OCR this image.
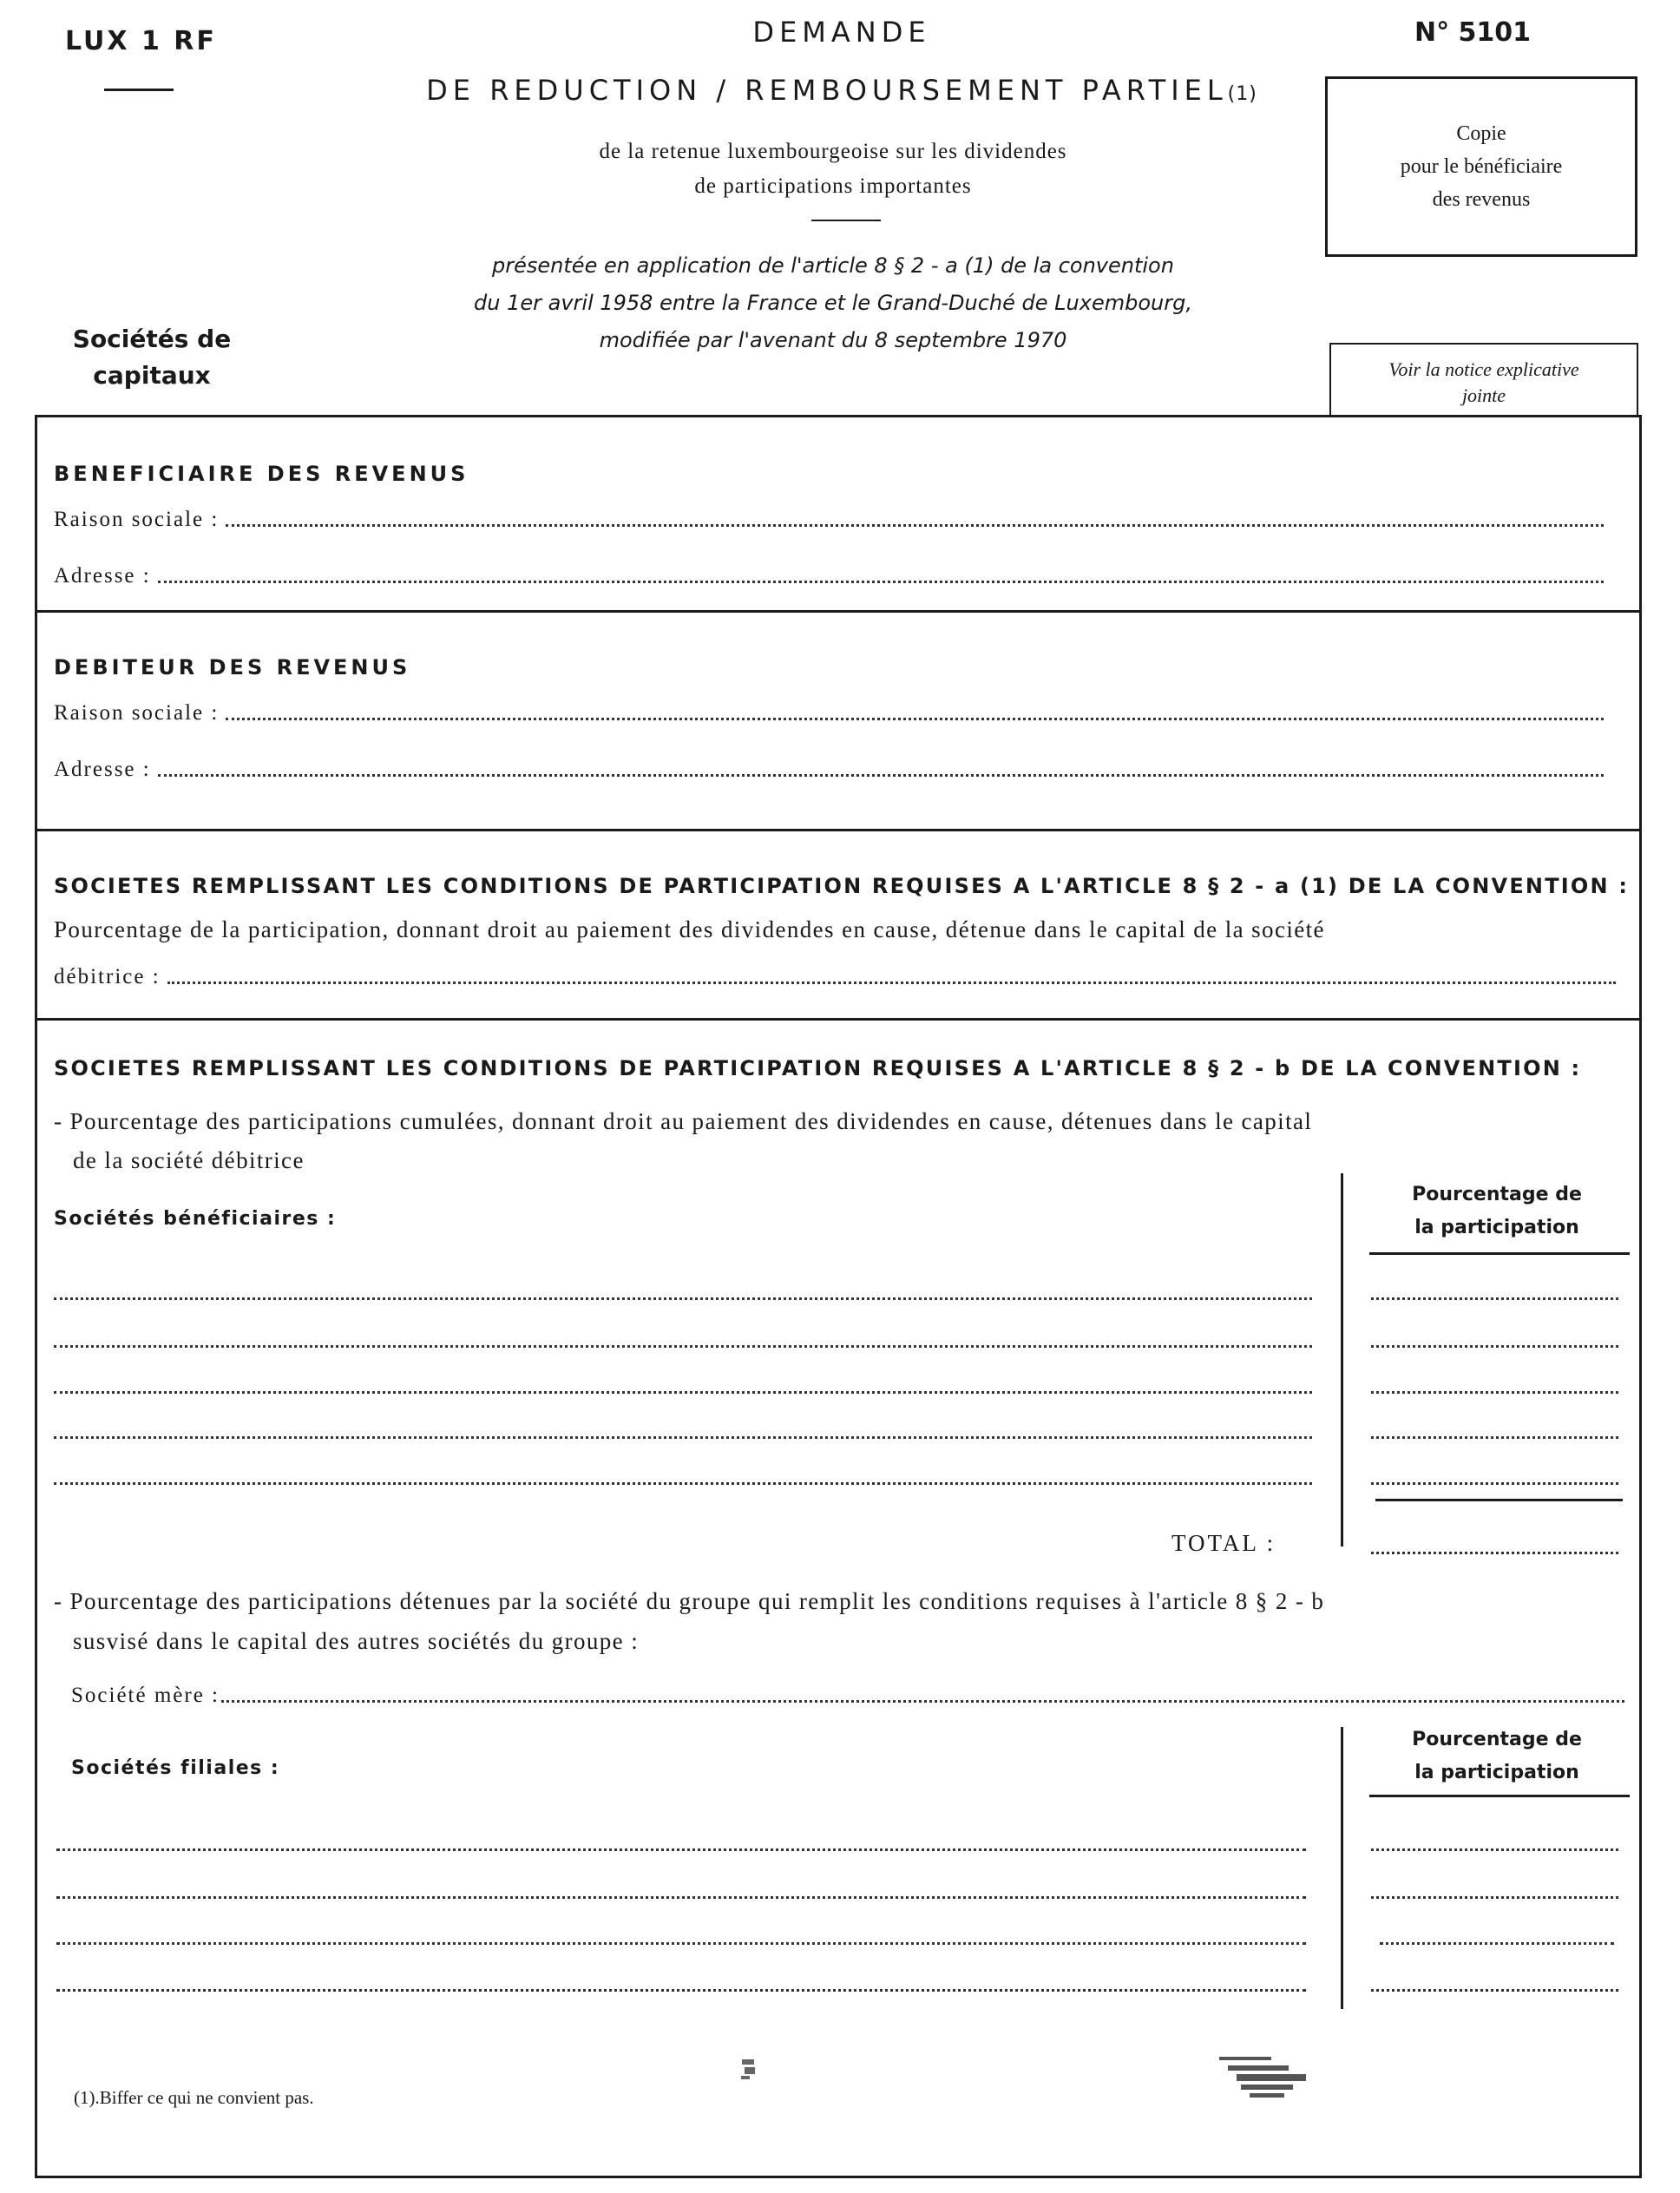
LUX 1 RF	N° 5101
DEMANDE
DE REDUCTION / REMBOURSEMENT PARTIEL(1)
de la retenue luxembourgeoise sur les dividendes
de participations importantes
présentée en application de l'article 8 § 2 - a (1) de la convention
du 1er avril 1958 entre la France et le Grand-Duché de Luxembourg,
modifiée par l'avenant du 8 septembre 1970
Sociétés de
capitaux
Copie
pour le bénéficiaire
des revenus
Voir la notice explicative
jointe
BENEFICIAIRE DES REVENUS
Raison sociale :
Adresse :
DEBITEUR DES REVENUS
Raison sociale :
Adresse :
SOCIETES REMPLISSANT LES CONDITIONS DE PARTICIPATION REQUISES A L'ARTICLE 8 § 2 - a (1) DE LA CONVENTION :
Pourcentage de la participation, donnant droit au paiement des dividendes en cause, détenue dans le capital de la société
débitrice :
SOCIETES REMPLISSANT LES CONDITIONS DE PARTICIPATION REQUISES A L'ARTICLE 8 § 2 - b DE LA CONVENTION :
- Pourcentage des participations cumulées, donnant droit au paiement des dividendes en cause, détenues dans le capital
de la société débitrice
Sociétés bénéficiaires :
Pourcentage de
la participation
TOTAL :
- Pourcentage des participations détenues par la société du groupe qui remplit les conditions requises à l'article 8 § 2 - b
susvisé dans le capital des autres sociétés du groupe :
Société mère :
Sociétés filiales :
Pourcentage de
la participation
(1).Biffer ce qui ne convient pas.
